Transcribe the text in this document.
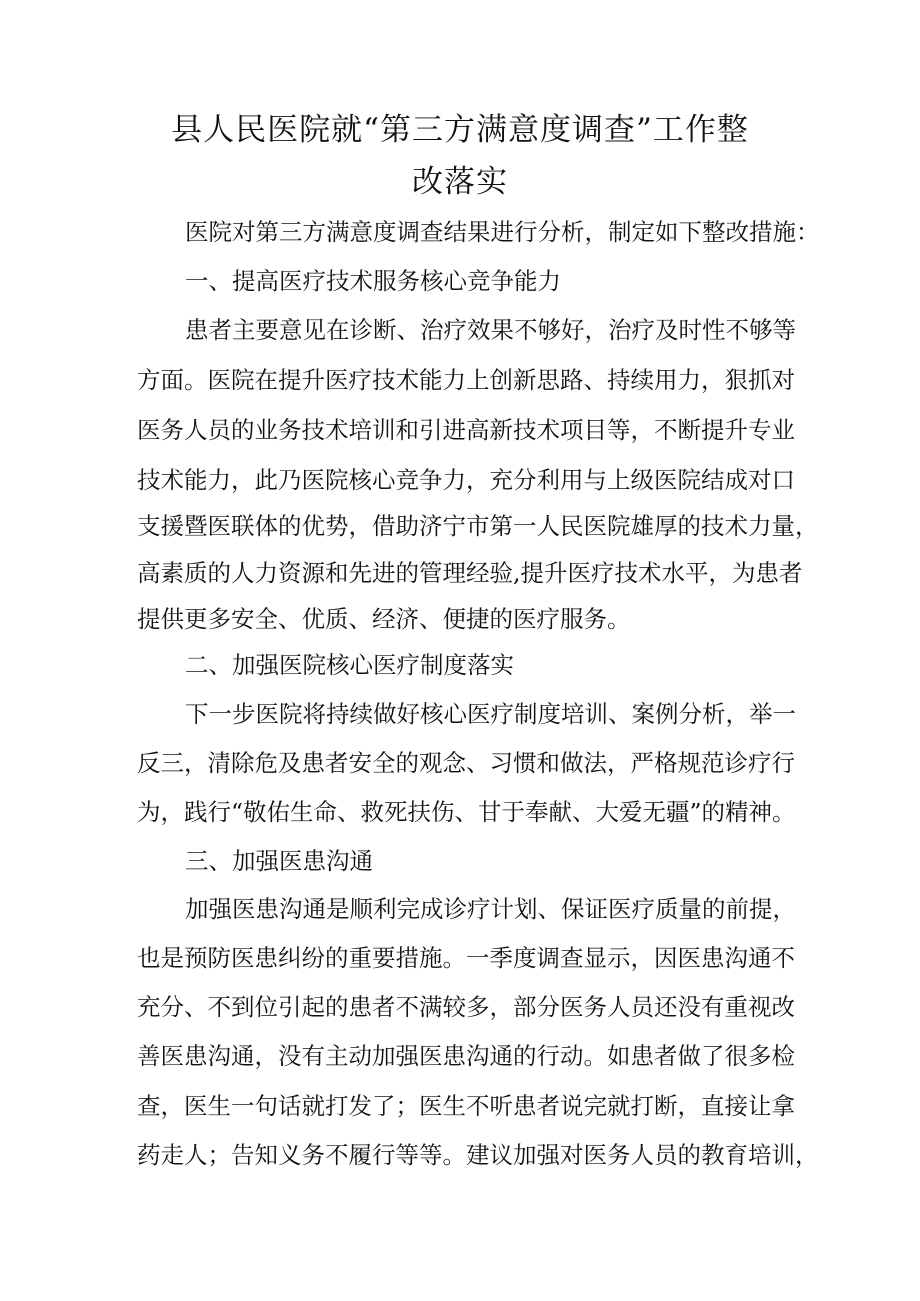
县人民医院就“第三方满意度调查”工作整
改落实
医院对第三方满意度调查结果进行分析，制定如下整改措施：
一、提高医疗技术服务核心竞争能力
患者主要意见在诊断、治疗效果不够好，治疗及时性不够等
方面。医院在提升医疗技术能力上创新思路、持续用力，狠抓对
医务人员的业务技术培训和引进高新技术项目等，不断提升专业
技术能力，此乃医院核心竞争力，充分利用与上级医院结成对口
支援暨医联体的优势，借助济宁市第一人民医院雄厚的技术力量，
高素质的人力资源和先进的管理经验,提升医疗技术水平，为患者
提供更多安全、优质、经济、便捷的医疗服务。
二、加强医院核心医疗制度落实
下一步医院将持续做好核心医疗制度培训、案例分析，举一
反三，清除危及患者安全的观念、习惯和做法，严格规范诊疗行
为，践行“敬佑生命、救死扶伤、甘于奉献、大爱无疆”的精神。
三、加强医患沟通
加强医患沟通是顺利完成诊疗计划、保证医疗质量的前提，
也是预防医患纠纷的重要措施。一季度调查显示，因医患沟通不
充分、不到位引起的患者不满较多，部分医务人员还没有重视改
善医患沟通，没有主动加强医患沟通的行动。如患者做了很多检
查，医生一句话就打发了；医生不听患者说完就打断，直接让拿
药走人；告知义务不履行等等。建议加强对医务人员的教育培训，
